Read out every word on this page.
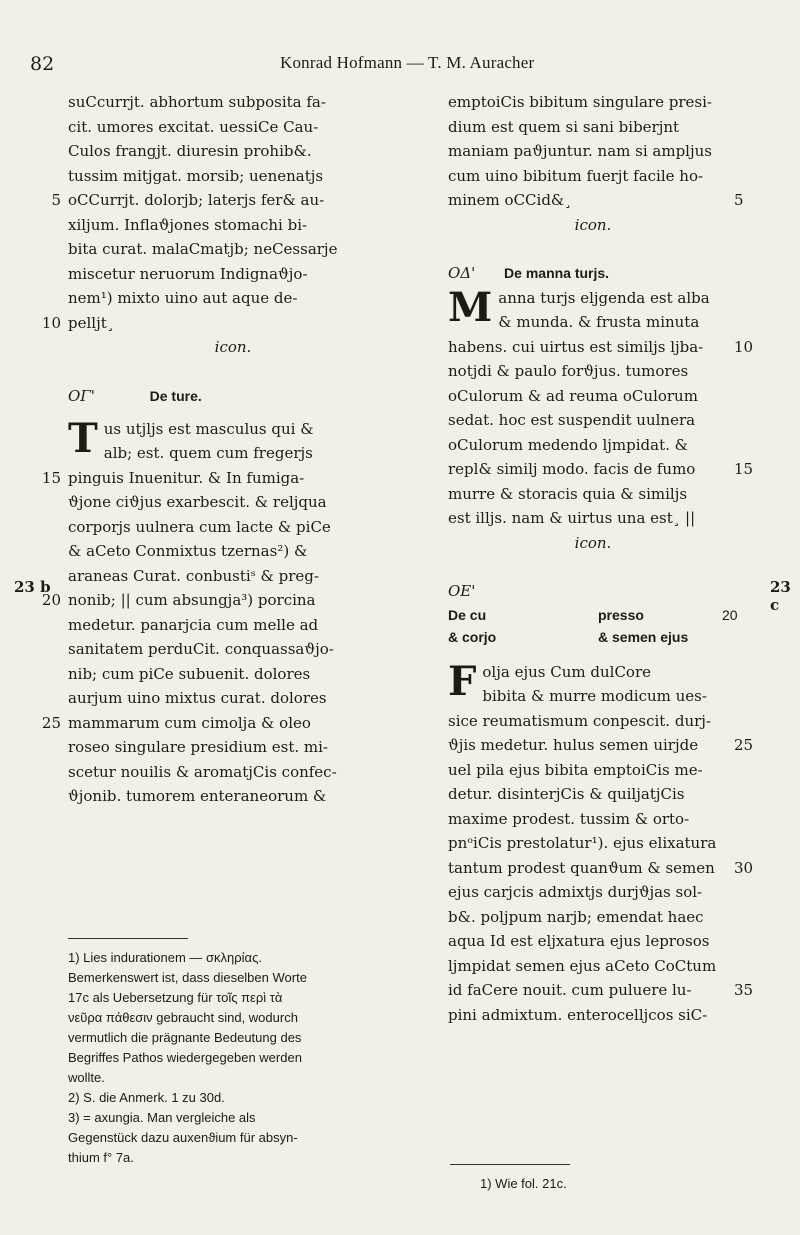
82	Konrad Hofmann — T. M. Auracher
suCcurrjt. abhortum subposita fa-
cit. umores excitat. uessiCe Cau-
Culos frangjt. diuresin prohib&.
tussim mitjgat. morsib; uenenatjs
oCCurrjt. dolorjb; laterjs fer& au-
5
xiljum. Inflaϑjones stomachi bi-
bita curat. malaCmatjb; neCessarje
miscetur neruorum Indignaϑjo-
nem¹) mixto uino aut aque de-
pelljt¸
10
icon.
OΓ'	De ture.
T us utjljs est masculus qui &
alb; est. quem cum fregerjs
pinguis Inuenitur. & In fumiga-
15
ϑjone ciϑjus exarbescit. & reljqua
corporjs uulnera cum lacte & piCe
& aCeto Conmixtus tzernas²) &
araneas Curat. conbustiˢ & preg-
nonib; || cum absungja³) porcina
20
medetur. panarjcia cum melle ad
sanitatem perduCit. conquassaϑjo-
nib; cum piCe subuenit. dolores
aurjum uino mixtus curat. dolores
mammarum cum cimolja & oleo
25
roseo singulare presidium est. mi-
scetur nouilis & aromatjCis confec-
ϑjonib. tumorem enteraneorum &
23 b
emptoiCis bibitum singulare presi-
dium est quem si sani biberjnt
maniam paϑjuntur. nam si ampljus
cum uino bibitum fuerjt facile ho-
minem oCCid&¸	5
icon.
OΔ' De manna turjs.
M anna turjs eljgenda est alba
& munda. & frusta minuta
habens. cui uirtus est similjs ljba- 10
notjdi & paulo forϑjus. tumores
oCulorum & ad reuma oCulorum
sedat. hoc est suspendit uulnera
oCulorum medendo ljmpidat. &
repl& similj modo. facis de fumo	15
murre & storacis quia & similjs
est illjs. nam & uirtus una est¸ ||
icon.
OE'
De cu
& corjo
presso
& semen ejus
20
F olja ejus Cum dulCore
bibita & murre modicum ues-
sice reumatismum conpescit. durj-
ϑjis medetur. hulus semen uirjde 25
uel pila ejus bibita emptoiCis me-
detur. disinterjCis & quiljatjCis
maxime prodest. tussim & orto-
pnᵒiCis prestolatur¹). ejus elixatura
tantum prodest quanϑum & semen 30
ejus carjcis admixtjs durjϑjas sol-
b&. poljpum narjb; emendat haec
aqua Id est eljxatura ejus leprosos
ljmpidat semen ejus aCeto CoCtum
id faCere nouit. cum puluere lu-	35
pini admixtum. enterocelljcos siC-
23 c
1) Lies indurationem — σκληρίας.
Bemerkenswert ist, dass dieselben Worte
17c als Uebersetzung für τοῖς περὶ τὰ
νεῦρα πάθεσιν gebraucht sind, wodurch
vermutlich die prägnante Bedeutung des
Begriffes Pathos wiedergegeben werden
wollte.
2) S. die Anmerk. 1 zu 30d.
3) = axungia. Man vergleiche als
Gegenstück dazu auxenϑium für absyn-
thium f° 7a.
1) Wie fol. 21c.
